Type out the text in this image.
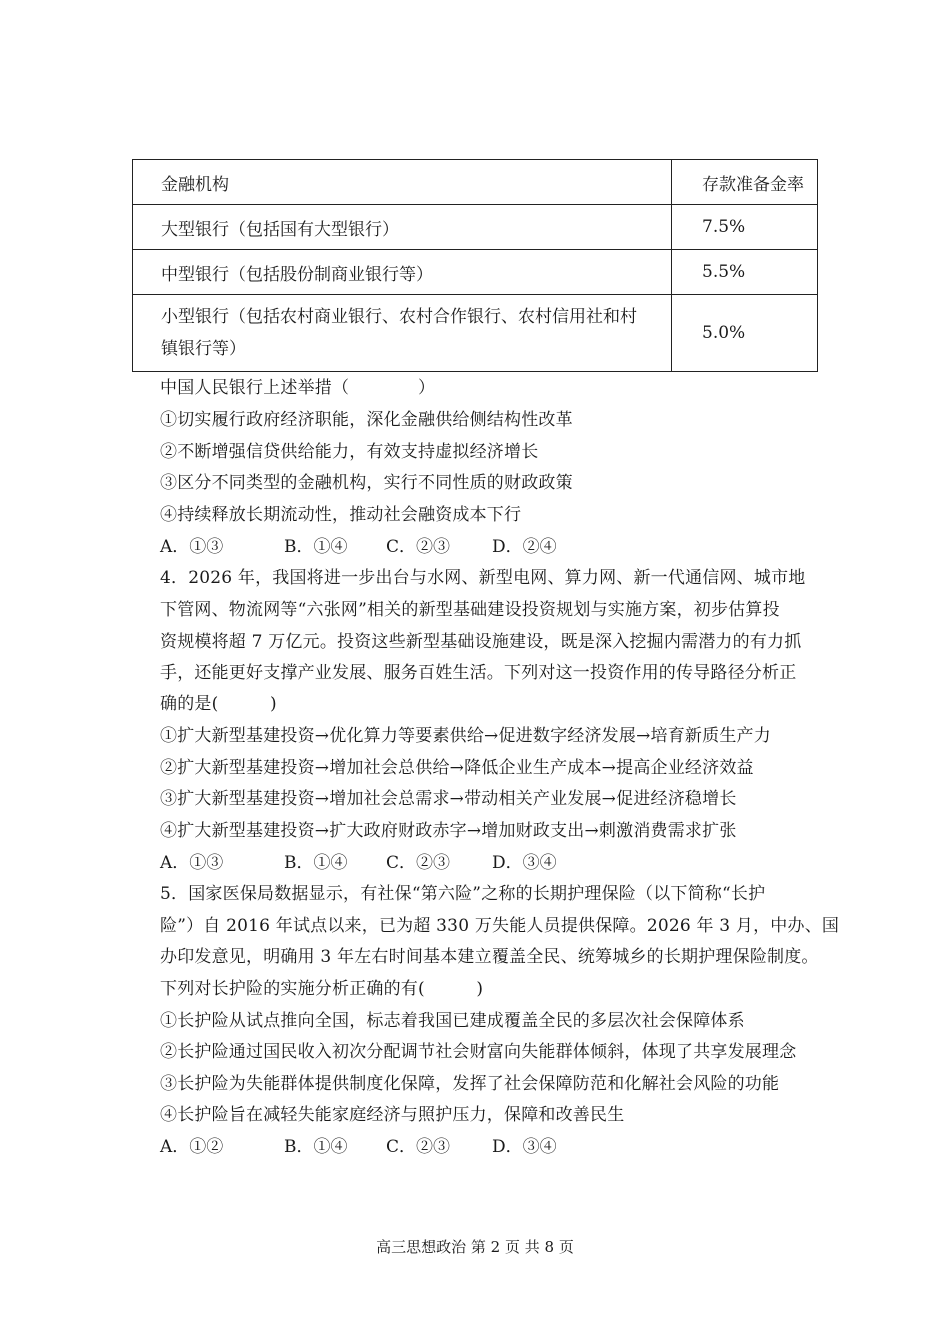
金融机构	存款准备金率
大型银行（包括国有大型银行）	7.5%
中型银行（包括股份制商业银行等）	5.5%
小型银行（包括农村商业银行、农村合作银行、农村信用社和村
镇银行等）	5.0%
中国人民银行上述举措（　　　　）
①切实履行政府经济职能，深化金融供给侧结构性改革
②不断增强信贷供给能力，有效支持虚拟经济增长
③区分不同类型的金融机构，实行不同性质的财政政策
④持续释放长期流动性，推动社会融资成本下行
A．①③	B．①④ C．②③ D．②④
4．2026 年，我国将进一步出台与水网、新型电网、算力网、新一代通信网、城市地
下管网、物流网等“六张网”相关的新型基础建设投资规划与实施方案，初步估算投
资规模将超 7 万亿元。投资这些新型基础设施建设，既是深入挖掘内需潜力的有力抓
手，还能更好支撑产业发展、服务百姓生活。下列对这一投资作用的传导路径分析正
确的是(　　　)
①扩大新型基建投资→优化算力等要素供给→促进数字经济发展→培育新质生产力
②扩大新型基建投资→增加社会总供给→降低企业生产成本→提高企业经济效益
③扩大新型基建投资→增加社会总需求→带动相关产业发展→促进经济稳增长
④扩大新型基建投资→扩大政府财政赤字→增加财政支出→刺激消费需求扩张
A．①③	B．①④ C．②③ D．③④
5．国家医保局数据显示，有社保“第六险”之称的长期护理保险（以下简称“长护
险”）自 2016 年试点以来，已为超 330 万失能人员提供保障。2026 年 3 月，中办、国
办印发意见，明确用 3 年左右时间基本建立覆盖全民、统筹城乡的长期护理保险制度。
下列对长护险的实施分析正确的有(　　　)
①长护险从试点推向全国，标志着我国已建成覆盖全民的多层次社会保障体系
②长护险通过国民收入初次分配调节社会财富向失能群体倾斜，体现了共享发展理念
③长护险为失能群体提供制度化保障，发挥了社会保障防范和化解社会风险的功能
④长护险旨在减轻失能家庭经济与照护压力，保障和改善民生
A．①②	B．①④ C．②③ D．③④
高三思想政治 第 2 页 共 8 页
